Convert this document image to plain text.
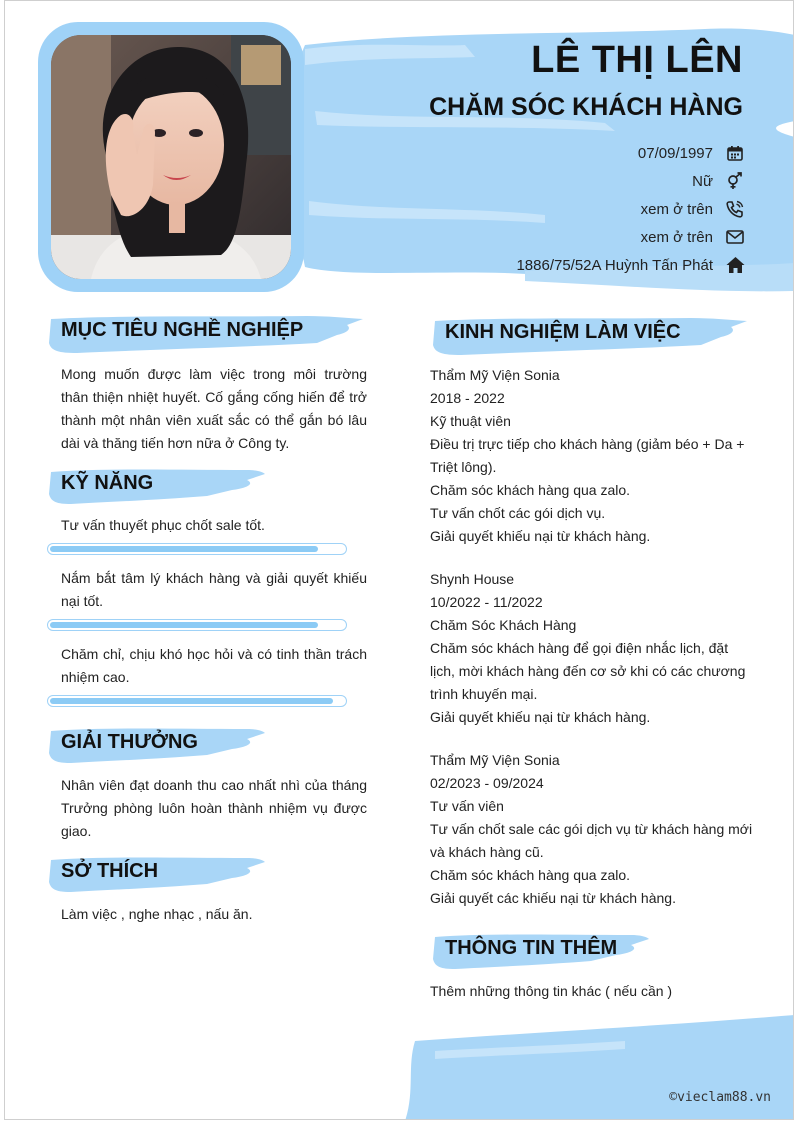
LÊ THỊ LÊN
CHĂM SÓC KHÁCH HÀNG
07/09/1997
Nữ
xem ở trên
xem ở trên
1886/75/52A Huỳnh Tấn Phát
MỤC TIÊU NGHỀ NGHIỆP
Mong muốn được làm việc trong môi trường thân thiện nhiệt huyết. Cố gắng cống hiến để trở thành một nhân viên xuất sắc có thể gắn bó lâu dài và thăng tiến hơn nữa ở Công ty.
KỸ NĂNG
Tư vấn thuyết phục chốt sale tốt.
Nắm bắt tâm lý khách hàng và giải quyết khiếu nại tốt.
Chăm chỉ, chịu khó học hỏi và có tinh thần trách nhiệm cao.
GIẢI THƯỞNG
Nhân viên đạt doanh thu cao nhất nhì của tháng Trưởng phòng luôn hoàn thành nhiệm vụ được giao.
SỞ THÍCH
Làm việc , nghe nhạc , nấu ăn.
KINH NGHIỆM LÀM VIỆC
Thẩm Mỹ Viện Sonia
2018 - 2022
Kỹ thuật viên
Điều trị trực tiếp cho khách hàng (giảm béo + Da + Triệt lông).
Chăm sóc khách hàng qua zalo.
Tư vấn chốt các gói dịch vụ.
Giải quyết khiếu nại từ khách hàng.
Shynh House
10/2022 - 11/2022
Chăm Sóc Khách Hàng
Chăm sóc khách hàng để gọi điện nhắc lịch, đặt lịch, mời khách hàng đến cơ sở khi có các chương trình khuyến mại.
Giải quyết khiếu nại từ khách hàng.
Thẩm Mỹ Viện Sonia
02/2023 - 09/2024
Tư vấn viên
Tư vấn chốt sale các gói dịch vụ từ khách hàng mới và khách hàng cũ.
Chăm sóc khách hàng qua zalo.
Giải quyết các khiếu nại từ khách hàng.
THÔNG TIN THÊM
Thêm những thông tin khác ( nếu cần )
©vieclam88.vn
